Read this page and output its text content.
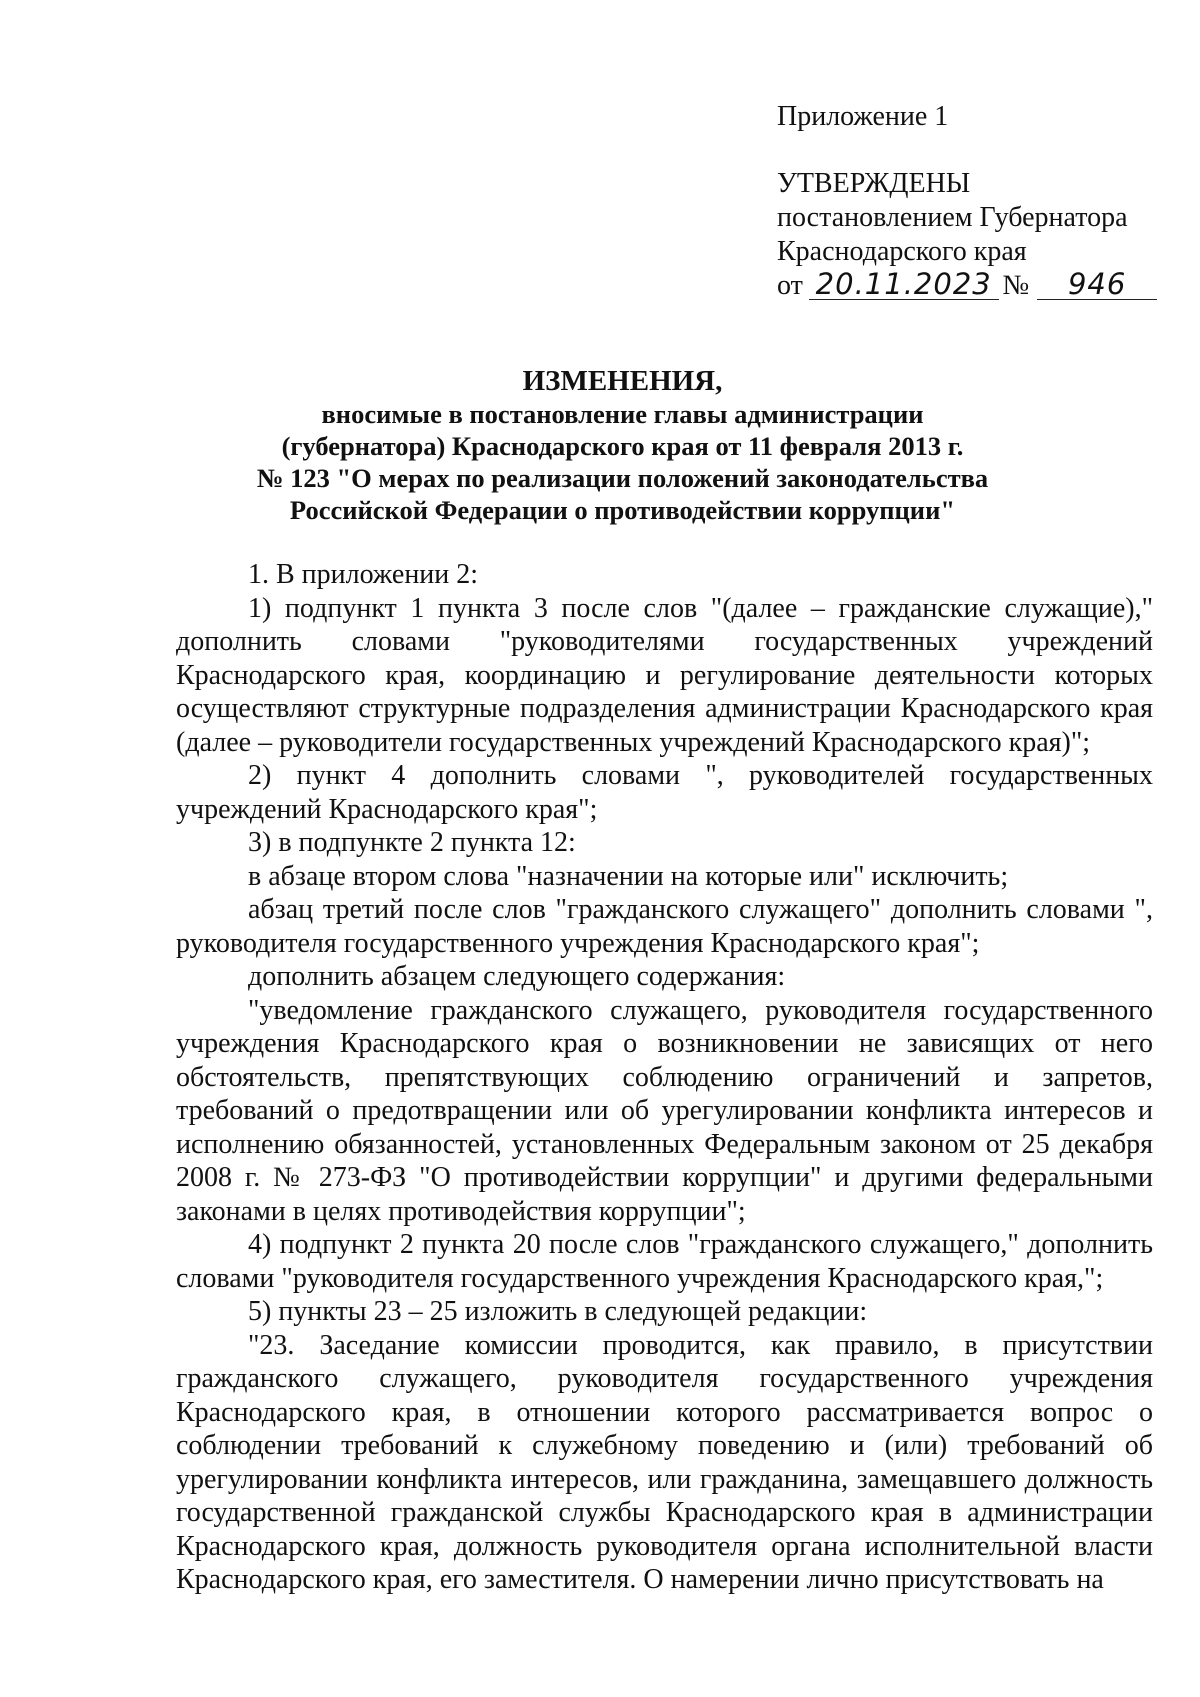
Приложение 1
УТВЕРЖДЕНЫ
постановлением Губернатора
Краснодарского края
от 20.11.2023 №	946
ИЗМЕНЕНИЯ,
вносимые в постановление главы администрации
(губернатора) Краснодарского края от 11 февраля 2013 г.
№ 123 "О мерах по реализации положений законодательства
Российской Федерации о противодействии коррупции"

1. В приложении 2:

1) подпункт 1 пункта 3 после слов "(далее – гражданские служащие)," дополнить словами "руководителями государственных учреждений Краснодарского края, координацию и регулирование деятельности которых осуществляют структурные подразделения администрации Краснодарского края (далее – руководители государственных учреждений Краснодарского края)";

2) пункт 4 дополнить словами ", руководителей государственных учреждений Краснодарского края";

3) в подпункте 2 пункта 12:

в абзаце втором слова "назначении на которые или" исключить;

абзац третий после слов "гражданского служащего" дополнить словами ", руководителя государственного учреждения Краснодарского края";

дополнить абзацем следующего содержания:

"уведомление гражданского служащего, руководителя государственного учреждения Краснодарского края о возникновении не зависящих от него обстоятельств, препятствующих соблюдению ограничений и запретов, требований о предотвращении или об урегулировании конфликта интересов и исполнению обязанностей, установленных Федеральным законом от 25 декабря 2008 г. № 273-ФЗ "О противодействии коррупции" и другими федеральными законами в целях противодействия коррупции";

4) подпункт 2 пункта 20 после слов "гражданского служащего," дополнить словами "руководителя государственного учреждения Краснодарского края,";

5) пункты 23 – 25 изложить в следующей редакции:

"23. Заседание комиссии проводится, как правило, в присутствии гражданского служащего, руководителя государственного учреждения Краснодарского края, в отношении которого рассматривается вопрос о соблюдении требований к служебному поведению и (или) требований об урегулировании конфликта интересов, или гражданина, замещавшего должность государственной гражданской службы Краснодарского края в администрации Краснодарского края, должность руководителя органа исполнительной власти Краснодарского края, его заместителя. О намерении лично присутствовать на
